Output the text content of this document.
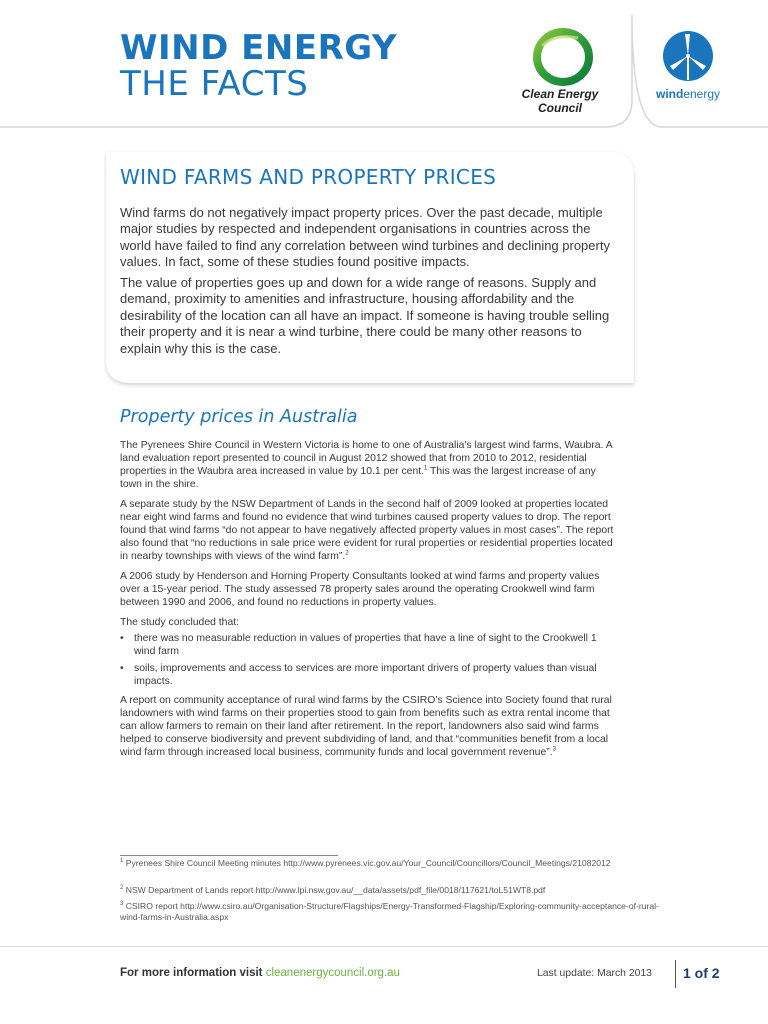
WIND ENERGY
THE FACTS	Clean Energy Council
windenergy
WIND FARMS AND PROPERTY PRICES

Wind farms do not negatively impact property prices. Over the past decade, multiple major studies by respected and independent organisations in countries across the world have failed to find any correlation between wind turbines and declining property values. In fact, some of these studies found positive impacts.

The value of properties goes up and down for a wide range of reasons. Supply and demand, proximity to amenities and infrastructure, housing affordability and the desirability of the location can all have an impact. If someone is having trouble selling their property and it is near a wind turbine, there could be many other reasons to explain why this is the case.

Property prices in Australia

The Pyrenees Shire Council in Western Victoria is home to one of Australia's largest wind farms, Waubra. A land evaluation report presented to council in August 2012 showed that from 2010 to 2012, residential properties in the Waubra area increased in value by 10.1 per cent.$^1$ This was the largest increase of any town in the shire.

A separate study by the NSW Department of Lands in the second half of 2009 looked at properties located near eight wind farms and found no evidence that wind turbines caused property values to drop. The report found that wind farms “do not appear to have negatively affected property values in most cases”. The report also found that “no reductions in sale price were evident for rural properties or residential properties located in nearby townships with views of the wind farm”.$^2$

A 2006 study by Henderson and Horning Property Consultants looked at wind farms and property values over a 15-year period. The study assessed 78 property sales around the operating Crookwell wind farm between 1990 and 2006, and found no reductions in property values.

The study concluded that:

• there was no measurable reduction in values of properties that have a line of sight to the Crookwell 1 wind farm
• soils, improvements and access to services are more important drivers of property values than visual impacts.

A report on community acceptance of rural wind farms by the CSIRO’s Science into Society found that rural landowners with wind farms on their properties stood to gain from benefits such as extra rental income that can allow farmers to remain on their land after retirement. In the report, landowners also said wind farms helped to conserve biodiversity and prevent subdividing of land, and that “communities benefit from a local wind farm through increased local business, community funds and local government revenue”.$^3$

$^1$ Pyrenees Shire Council Meeting minutes http://www.pyrenees.vic.gov.au/Your_Council/Councillors/Council_Meetings/21082012
$^2$ NSW Department of Lands report http://www.lpi.nsw.gov.au/__data/assets/pdf_file/0018/117621/toL51WT8.pdf
$^3$ CSIRO report http://www.csiro.au/Organisation-Structure/Flagships/Energy-Transformed-Flagship/Exploring-community-acceptance-of-rural-wind-farms-in-Australia.aspx
For more information visit cleanenergycouncil.org.au	Last update: March 2013 1 of 2
